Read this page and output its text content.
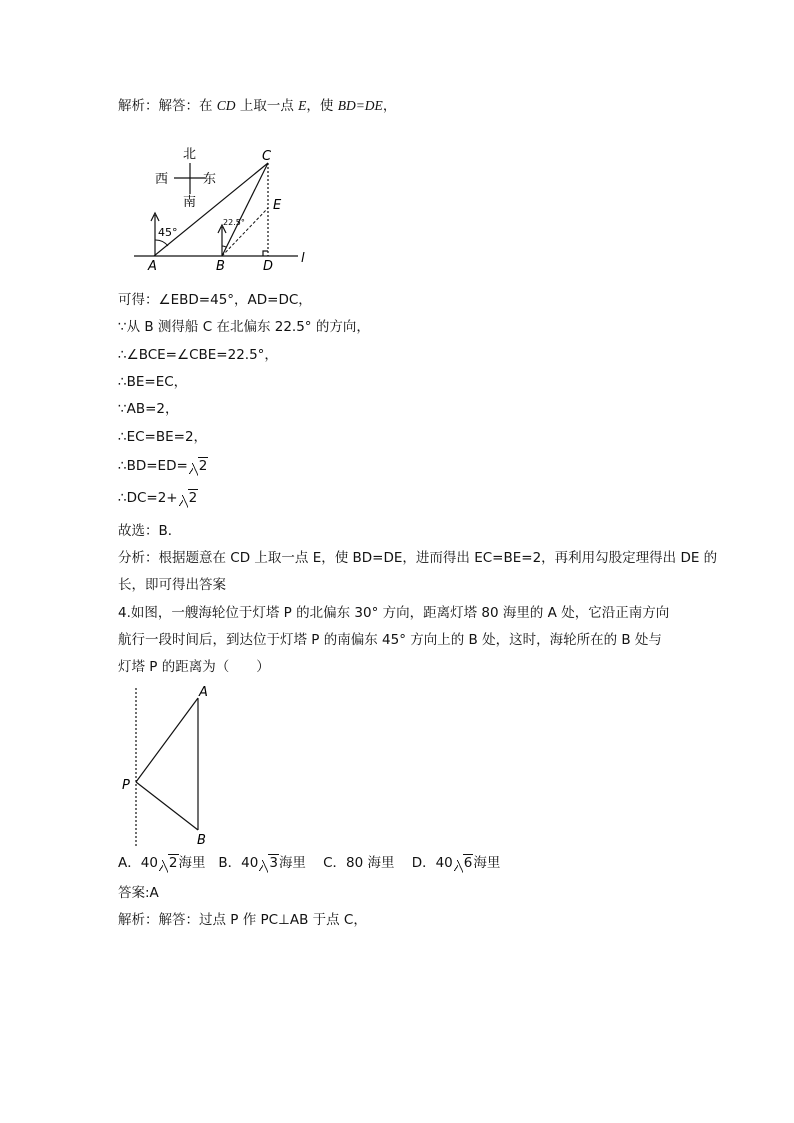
解析：解答：在 CD 上取一点 E，使 BD=DE，
北
西	东
南
45°
22.5°
A	B
C
D
E
l
可得：∠EBD=45°，AD=DC，
∵从 B 测得船 C 在北偏东 22.5° 的方向，
∴∠BCE=∠CBE=22.5°，
∴BE=EC，
∵AB=2，
∴EC=BE=2，
∴BD=ED= 2
∴DC=2+ 2
故选：B．
分析：根据题意在 CD 上取一点 E，使 BD=DE，进而得出 EC=BE=2，再利用勾股定理得出 DE 的
长，即可得出答案
4.如图，一艘海轮位于灯塔 P 的北偏东 30° 方向，距离灯塔 80 海里的 A 处，它沿正南方向
航行一段时间后，到达位于灯塔 P 的南偏东 45° 方向上的 B 处，这时，海轮所在的 B 处与
灯塔 P 的距离为（　　）
A
P
B
A．40 2海里 B．40 3海里 C．80 海里 D．40 6海里
答案:A
解析：解答：过点 P 作 PC⊥AB 于点 C，
